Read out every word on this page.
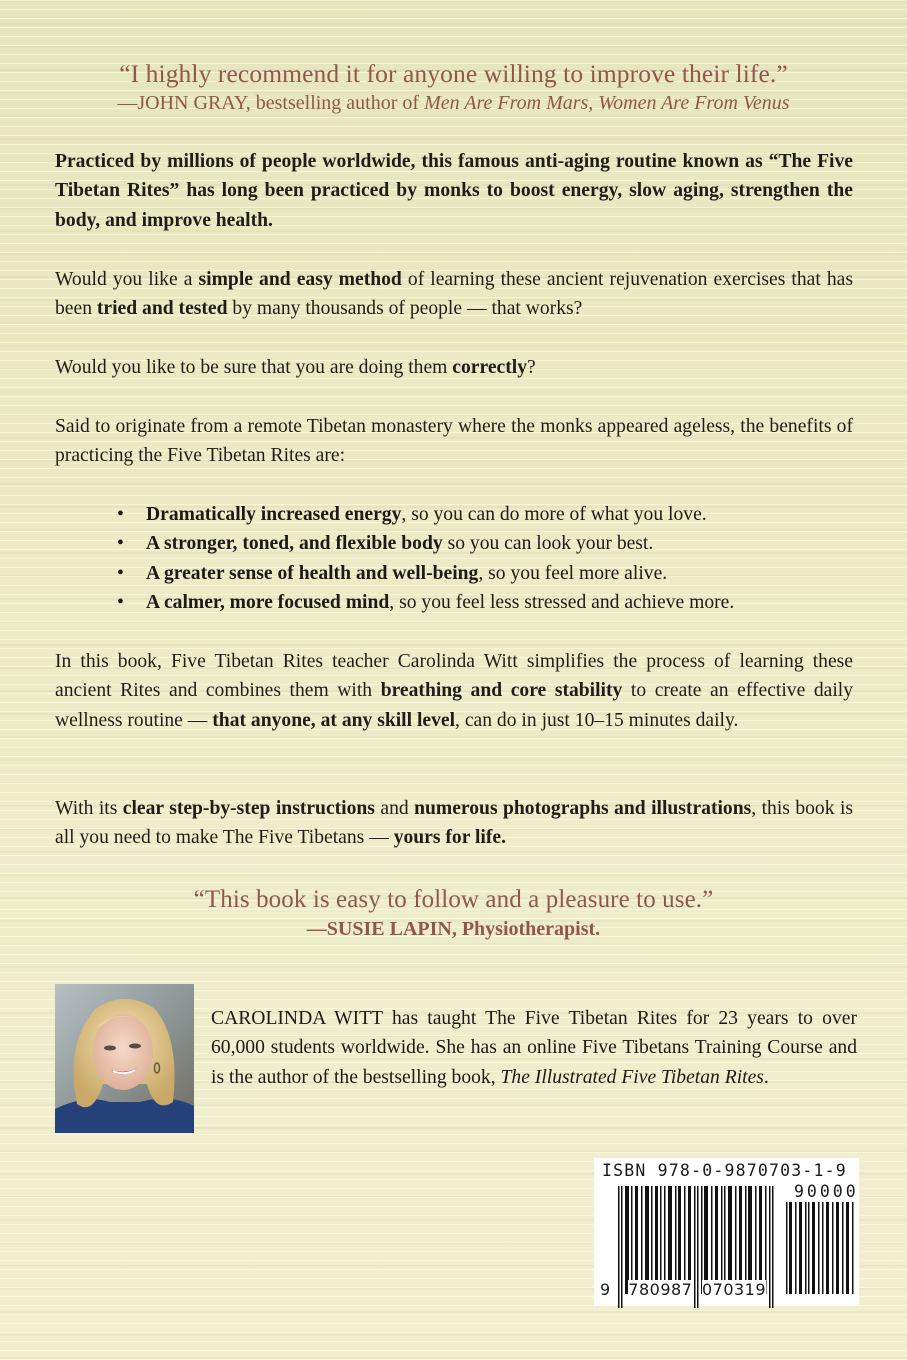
“I highly recommend it for anyone willing to improve their life.”
—JOHN GRAY, bestselling author of Men Are From Mars, Women Are From Venus

Practiced by millions of people worldwide, this famous anti-aging routine known as “The Five Tibetan Rites” has long been practiced by monks to boost energy, slow aging, strengthen the body, and improve health.

Would you like a simple and easy method of learning these ancient rejuvenation exercises that has been tried and tested by many thousands of people — that works?

Would you like to be sure that you are doing them correctly?

Said to originate from a remote Tibetan monastery where the monks appeared ageless, the benefits of practicing the Five Tibetan Rites are:

• Dramatically increased energy, so you can do more of what you love.
• A stronger, toned, and flexible body so you can look your best.
• A greater sense of health and well-being, so you feel more alive.
• A calmer, more focused mind, so you feel less stressed and achieve more.

In this book, Five Tibetan Rites teacher Carolinda Witt simplifies the process of learning these ancient Rites and combines them with breathing and core stability to create an effective daily wellness routine — that anyone, at any skill level, can do in just 10–15 minutes daily.

With its clear step-by-step instructions and numerous photographs and illustrations, this book is all you need to make The Five Tibetans — yours for life.

“This book is easy to follow and a pleasure to use.”
—SUSIE LAPIN, Physiotherapist.
CAROLINDA WITT has taught The Five Tibetan Rites for 23 years to over 60,000 students worldwide. She has an online Five Tibetans Training Course and is the author of the bestselling book, The Illustrated Five Tibetan Rites.
ISBN 978-0-9870703-1-9
90000
9 780987 070319
